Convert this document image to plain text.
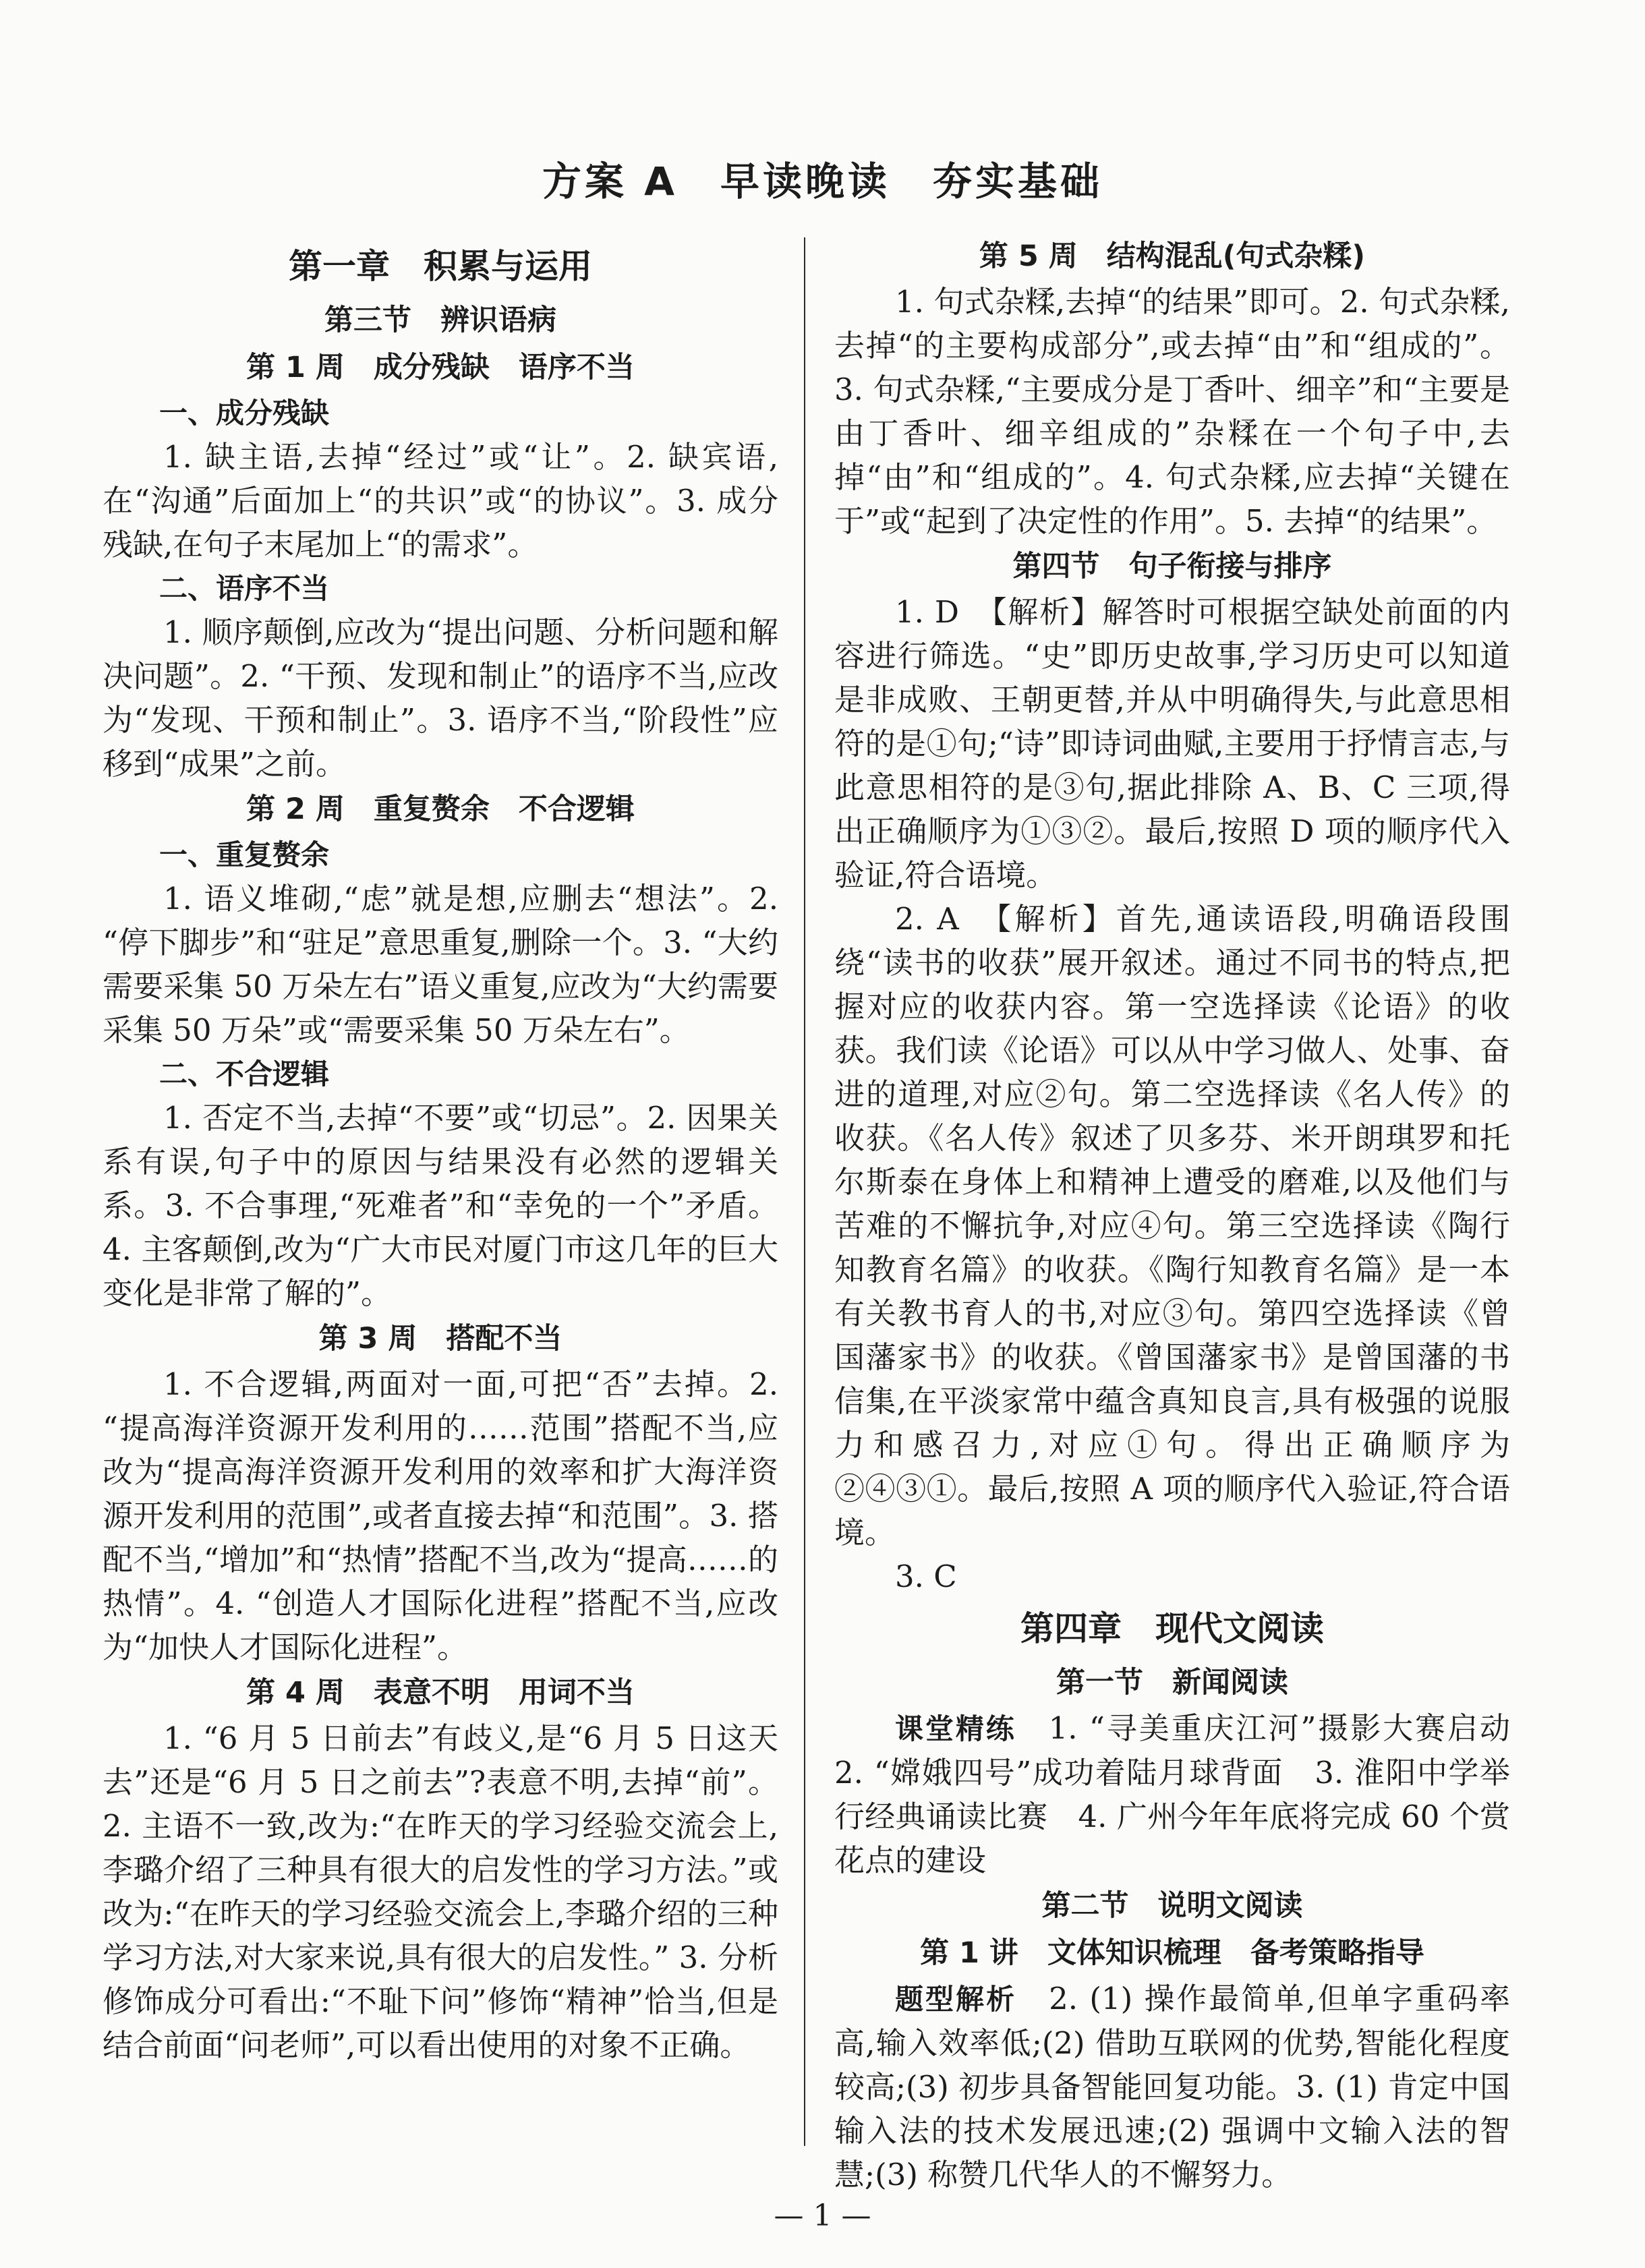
方案 A　早读晚读　夯实基础
第一章　积累与运用
第三节　辨识语病
第 1 周　成分残缺　语序不当
一、成分残缺

1. 缺主语,去掉“经过”或“让”。2. 缺宾语,在“沟通”后面加上“的共识”或“的协议”。3. 成分残缺,在句子末尾加上“的需求”。

二、语序不当

1. 顺序颠倒,应改为“提出问题、分析问题和解决问题”。2. “干预、发现和制止”的语序不当,应改为“发现、干预和制止”。3. 语序不当,“阶段性”应移到“成果”之前。

第 2 周　重复赘余　不合逻辑
一、重复赘余

1. 语义堆砌,“虑”就是想,应删去“想法”。2. “停下脚步”和“驻足”意思重复,删除一个。3. “大约需要采集 50 万朵左右”语义重复,应改为“大约需要采集 50 万朵”或“需要采集 50 万朵左右”。

二、不合逻辑

1. 否定不当,去掉“不要”或“切忌”。2. 因果关系有误,句子中的原因与结果没有必然的逻辑关系。3. 不合事理,“死难者”和“幸免的一个”矛盾。4. 主客颠倒,改为“广大市民对厦门市这几年的巨大变化是非常了解的”。

第 3 周　搭配不当

1. 不合逻辑,两面对一面,可把“否”去掉。2. “提高海洋资源开发利用的……范围”搭配不当,应改为“提高海洋资源开发利用的效率和扩大海洋资源开发利用的范围”,或者直接去掉“和范围”。3. 搭配不当,“增加”和“热情”搭配不当,改为“提高……的热情”。4. “创造人才国际化进程”搭配不当,应改为“加快人才国际化进程”。

第 4 周　表意不明　用词不当

1. “6 月 5 日前去”有歧义,是“6 月 5 日这天去”还是“6 月 5 日之前去”?表意不明,去掉“前”。2. 主语不一致,改为:“在昨天的学习经验交流会上,李璐介绍了三种具有很大的启发性的学习方法。”或改为:“在昨天的学习经验交流会上,李璐介绍的三种学习方法,对大家来说,具有很大的启发性。” 3. 分析修饰成分可看出:“不耻下问”修饰“精神”恰当,但是结合前面“问老师”,可以看出使用的对象不正确。

第 5 周　结构混乱(句式杂糅)

1. 句式杂糅,去掉“的结果”即可。2. 句式杂糅,去掉“的主要构成部分”,或去掉“由”和“组成的”。3. 句式杂糅,“主要成分是丁香叶、细辛”和“主要是由丁香叶、细辛组成的”杂糅在一个句子中,去掉“由”和“组成的”。4. 句式杂糅,应去掉“关键在于”或“起到了决定性的作用”。5. 去掉“的结果”。

第四节　句子衔接与排序

1. D　【解析】解答时可根据空缺处前面的内容进行筛选。“史”即历史故事,学习历史可以知道是非成败、王朝更替,并从中明确得失,与此意思相符的是①句;“诗”即诗词曲赋,主要用于抒情言志,与此意思相符的是③句,据此排除 A、B、C 三项,得出正确顺序为①③②。最后,按照 D 项的顺序代入验证,符合语境。

2. A　【解析】首先,通读语段,明确语段围绕“读书的收获”展开叙述。通过不同书的特点,把握对应的收获内容。第一空选择读《论语》的收获。我们读《论语》可以从中学习做人、处事、奋进的道理,对应②句。第二空选择读《名人传》的收获。《名人传》叙述了贝多芬、米开朗琪罗和托尔斯泰在身体上和精神上遭受的磨难,以及他们与苦难的不懈抗争,对应④句。第三空选择读《陶行知教育名篇》的收获。《陶行知教育名篇》是一本有关教书育人的书,对应③句。第四空选择读《曾国藩家书》的收获。《曾国藩家书》是曾国藩的书信集,在平淡家常中蕴含真知良言,具有极强的说服力和感召力,对应①句。得出正确顺序为②④③①。最后,按照 A 项的顺序代入验证,符合语境。

3. C

第四章　现代文阅读
第一节　新闻阅读

课堂精练　1. “寻美重庆江河”摄影大赛启动　2. “嫦娥四号”成功着陆月球背面　3. 淮阳中学举行经典诵读比赛　4. 广州今年年底将完成 60 个赏花点的建设

第二节　说明文阅读
第 1 讲　文体知识梳理　备考策略指导

题型解析　2. (1) 操作最简单,但单字重码率高,输入效率低;(2) 借助互联网的优势,智能化程度较高;(3) 初步具备智能回复功能。3. (1) 肯定中国输入法的技术发展迅速;(2) 强调中文输入法的智慧;(3) 称赞几代华人的不懈努力。

— 1 —
